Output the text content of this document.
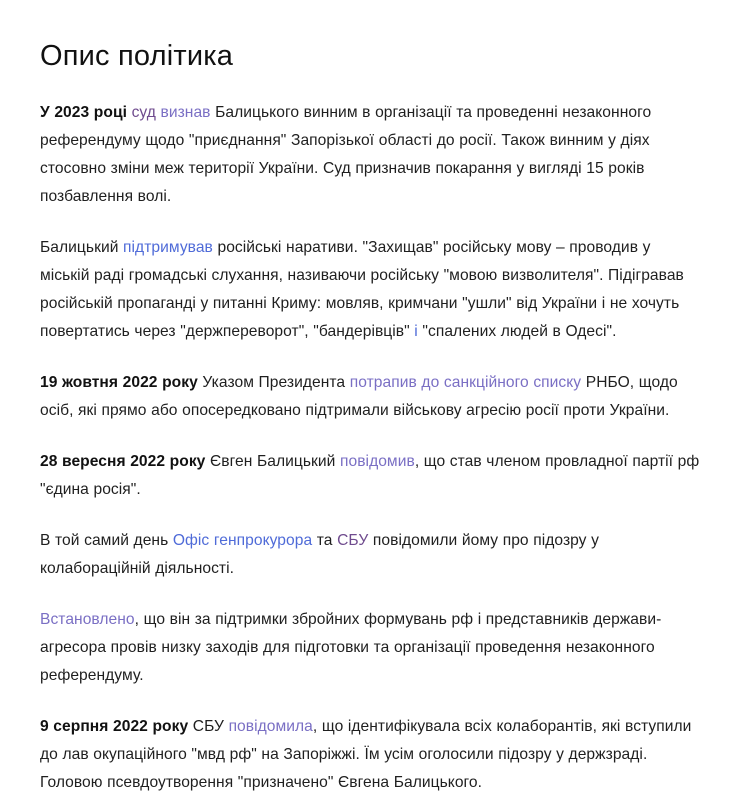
Опис політика

У 2023 році суд визнав Балицького винним в організації та проведенні незаконного референдуму щодо "приєднання" Запорізької області до росії. Також винним у діях стосовно зміни меж території України. Суд призначив покарання у вигляді 15 років позбавлення волі.

Балицький підтримував російські наративи. "Захищав" російську мову – проводив у міській раді громадські слухання, називаючи російську "мовою визволителя". Підігравав російській пропаганді у питанні Криму: мовляв, кримчани "ушли" від України і не хочуть повертатись через "держпереворот", "бандерівців" і "спалених людей в Одесі".

19 жовтня 2022 року Указом Президента потрапив до санкційного списку РНБО, щодо осіб, які прямо або опосередковано підтримали військову агресію росії проти України.

28 вересня 2022 року Євген Балицький повідомив, що став членом провладної партії рф "єдина росія".

В той самий день Офіс генпрокурора та СБУ повідомили йому про підозру у колабораційній діяльності.

Встановлено, що він за підтримки збройних формувань рф і представників держави-агресора провів низку заходів для підготовки та організації проведення незаконного референдуму.

9 серпня 2022 року СБУ повідомила, що ідентифікувала всіх колаборантів, які вступили до лав окупаційного "мвд рф" на Запоріжжі. Їм усім оголосили підозру у держзраді. Головою псевдоутворення "призначено" Євгена Балицького.
